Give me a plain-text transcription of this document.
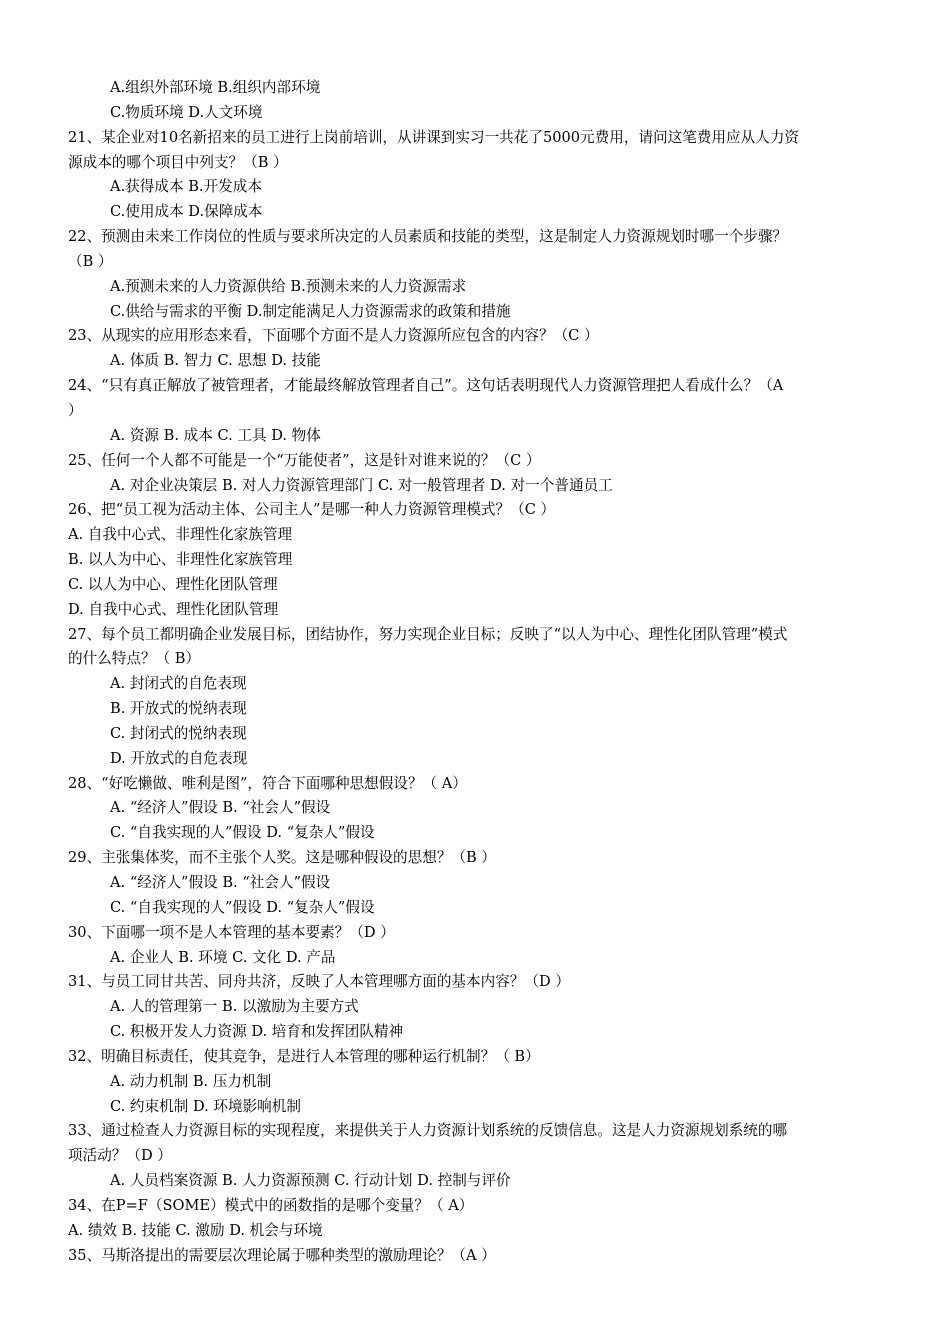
A.组织外部环境 B.组织内部环境
C.物质环境 D.人文环境
21、某企业对10名新招来的员工进行上岗前培训，从讲课到实习一共花了5000元费用，请问这笔费用应从人力资
源成本的哪个项目中列支？（B ）
A.获得成本 B.开发成本
C.使用成本 D.保障成本
22、预测由未来工作岗位的性质与要求所决定的人员素质和技能的类型，这是制定人力资源规划时哪一个步骤？
（B ）
A.预测未来的人力资源供给 B.预测未来的人力资源需求
C.供给与需求的平衡 D.制定能满足人力资源需求的政策和措施
23、从现实的应用形态来看，下面哪个方面不是人力资源所应包含的内容？（C ）
A. 体质 B. 智力 C. 思想 D. 技能
24、“只有真正解放了被管理者，才能最终解放管理者自己”。这句话表明现代人力资源管理把人看成什么？（A
）
A. 资源 B. 成本 C. 工具 D. 物体
25、任何一个人都不可能是一个“万能使者”，这是针对谁来说的？（C ）
A. 对企业决策层 B. 对人力资源管理部门 C. 对一般管理者 D. 对一个普通员工
26、把“员工视为活动主体、公司主人”是哪一种人力资源管理模式？（C ）
A. 自我中心式、非理性化家族管理
B. 以人为中心、非理性化家族管理
C. 以人为中心、理性化团队管理
D. 自我中心式、理性化团队管理
27、每个员工都明确企业发展目标，团结协作，努力实现企业目标；反映了“以人为中心、理性化团队管理”模式
的什么特点？（ B）
A. 封闭式的自危表现
B. 开放式的悦纳表现
C. 封闭式的悦纳表现
D. 开放式的自危表现
28、“好吃懒做、唯利是图”，符合下面哪种思想假设？（ A）
A. “经济人”假设 B. “社会人”假设
C. “自我实现的人”假设 D. “复杂人”假设
29、主张集体奖，而不主张个人奖。这是哪种假设的思想？（B ）
A. “经济人”假设 B. “社会人”假设
C. “自我实现的人”假设 D. “复杂人”假设
30、下面哪一项不是人本管理的基本要素？（D ）
A. 企业人 B. 环境 C. 文化 D. 产品
31、与员工同甘共苦、同舟共济，反映了人本管理哪方面的基本内容？（D ）
A. 人的管理第一 B. 以激励为主要方式
C. 积极开发人力资源 D. 培育和发挥团队精神
32、明确目标责任，使其竞争，是进行人本管理的哪种运行机制？（ B）
A. 动力机制 B. 压力机制
C. 约束机制 D. 环境影响机制
33、通过检查人力资源目标的实现程度，来提供关于人力资源计划系统的反馈信息。这是人力资源规划系统的哪
项活动？（D ）
A. 人员档案资源 B. 人力资源预测 C. 行动计划 D. 控制与评价
34、在P=F（SOME）模式中的函数指的是哪个变量？（ A）
A. 绩效 B. 技能 C. 激励 D. 机会与环境
35、马斯洛提出的需要层次理论属于哪种类型的激励理论？（A ）
